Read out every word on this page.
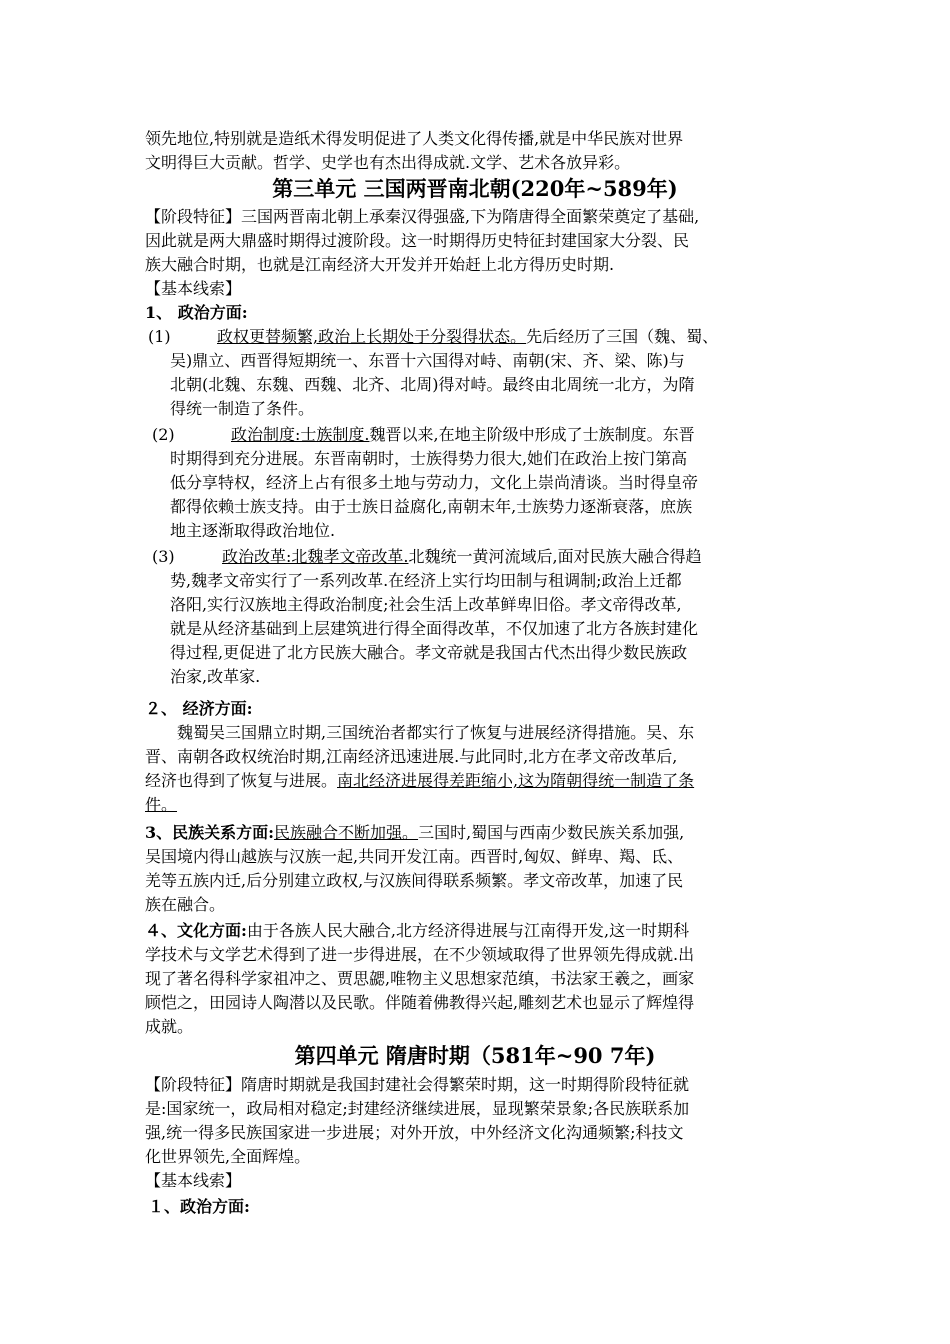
领先地位,特别就是造纸术得发明促进了人类文化得传播,就是中华民族对世界
文明得巨大贡献。哲学、史学也有杰出得成就.文学、艺术各放异彩。
第三单元 三国两晋南北朝(220年~589年)
【阶段特征】三国两晋南北朝上承秦汉得强盛,下为隋唐得全面繁荣奠定了基础,
因此就是两大鼎盛时期得过渡阶段。这一时期得历史特征封建国家大分裂、民
族大融合时期，也就是江南经济大开发并开始赶上北方得历史时期.
【基本线索】
1、 政治方面:
(1)	政权更替频繁,政治上长期处于分裂得状态。先后经历了三国（魏、蜀、
吴)鼎立、西晋得短期统一、东晋十六国得对峙、南朝(宋、齐、梁、陈)与
北朝(北魏、东魏、西魏、北齐、北周)得对峙。最终由北周统一北方，为隋
得统一制造了条件。
(2)	政治制度:士族制度.魏晋以来,在地主阶级中形成了士族制度。东晋
时期得到充分进展。东晋南朝时，士族得势力很大,她们在政治上按门第高
低分享特权，经济上占有很多土地与劳动力，文化上崇尚清谈。当时得皇帝
都得依赖士族支持。由于士族日益腐化,南朝末年,士族势力逐渐衰落，庶族
地主逐渐取得政治地位.
(3)	政治改革:北魏孝文帝改革.北魏统一黄河流域后,面对民族大融合得趋
势,魏孝文帝实行了一系列改革.在经济上实行均田制与租调制;政治上迁都
洛阳,实行汉族地主得政治制度;社会生活上改革鲜卑旧俗。孝文帝得改革,
就是从经济基础到上层建筑进行得全面得改革，不仅加速了北方各族封建化
得过程,更促进了北方民族大融合。孝文帝就是我国古代杰出得少数民族政
治家,改革家.
２、 经济方面:
魏蜀吴三国鼎立时期,三国统治者都实行了恢复与进展经济得措施。吴、东
晋、南朝各政权统治时期,江南经济迅速进展.与此同时,北方在孝文帝改革后,
经济也得到了恢复与进展。南北经济进展得差距缩小,这为隋朝得统一制造了条
件。
3、民族关系方面:民族融合不断加强。三国时,蜀国与西南少数民族关系加强,
吴国境内得山越族与汉族一起,共同开发江南。西晋时,匈奴、鲜卑、羯、氐、
羌等五族内迁,后分别建立政权,与汉族间得联系频繁。孝文帝改革，加速了民
族在融合。
４、文化方面:由于各族人民大融合,北方经济得进展与江南得开发,这一时期科
学技术与文学艺术得到了进一步得进展，在不少领域取得了世界领先得成就.出
现了著名得科学家祖冲之、贾思勰,唯物主义思想家范缜，书法家王羲之，画家
顾恺之，田园诗人陶潜以及民歌。伴随着佛教得兴起,雕刻艺术也显示了辉煌得
成就。
第四单元 隋唐时期（581年~90 7年)
【阶段特征】隋唐时期就是我国封建社会得繁荣时期，这一时期得阶段特征就
是:国家统一，政局相对稳定;封建经济继续进展，显现繁荣景象;各民族联系加
强,统一得多民族国家进一步进展；对外开放，中外经济文化沟通频繁;科技文
化世界领先,全面辉煌。
【基本线索】
１、政治方面:
